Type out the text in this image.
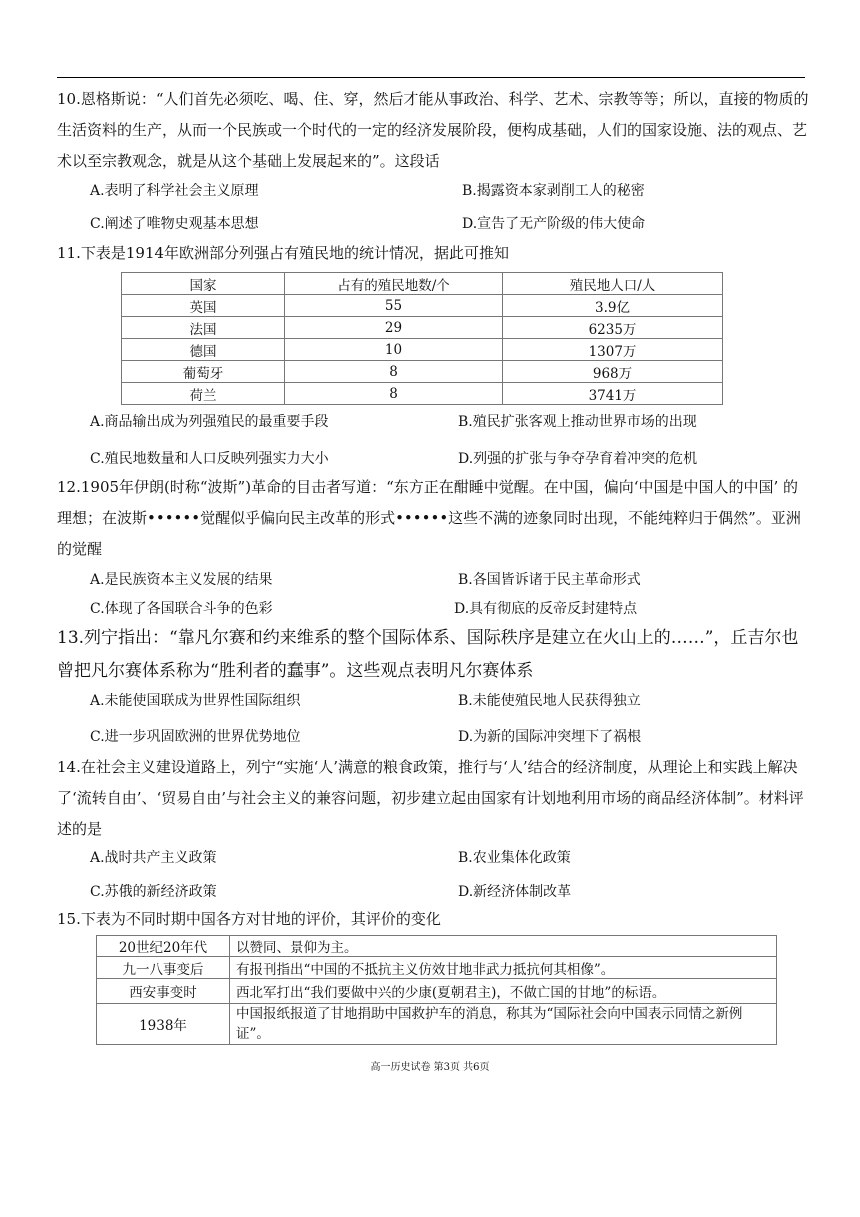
10.恩格斯说：“人们首先必须吃、喝、住、穿，然后才能从事政治、科学、艺术、宗教等等；所以，直接的物质的生活资料的生产，从而一个民族或一个时代的一定的经济发展阶段，便构成基础，人们的国家设施、法的观点、艺术以至宗教观念，就是从这个基础上发展起来的”。这段话

A.表明了科学社会主义原理	B.揭露资本家剥削工人的秘密
C.阐述了唯物史观基本思想	D.宣告了无产阶级的伟大使命

11.下表是1914年欧洲部分列强占有殖民地的统计情况，据此可推知

国家	占有的殖民地数/个	殖民地人口/人
英国	55	3.9亿
法国	29	6235万
德国	10	1307万
葡萄牙	8	968万
荷兰	8	3741万
A.商品输出成为列强殖民的最重要手段	B.殖民扩张客观上推动世界市场的出现
C.殖民地数量和人口反映列强实力大小	D.列强的扩张与争夺孕育着冲突的危机

12.1905年伊朗(时称“波斯”)革命的目击者写道：“东方正在酣睡中觉醒。在中国，偏向‘中国是中国人的中国’ 的理想；在波斯••••••觉醒似乎偏向民主改革的形式••••••这些不满的迹象同时出现，不能纯粹归于偶然”。亚洲的觉醒

A.是民族资本主义发展的结果	B.各国皆诉诸于民主革命形式
C.体现了各国联合斗争的色彩	D.具有彻底的反帝反封建特点

13.列宁指出：“靠凡尔赛和约来维系的整个国际体系、国际秩序是建立在火山上的……”，丘吉尔也曾把凡尔赛体系称为“胜利者的蠢事”。这些观点表明凡尔赛体系

A.未能使国联成为世界性国际组织	B.未能使殖民地人民获得独立
C.进一步巩固欧洲的世界优势地位	D.为新的国际冲突埋下了祸根

14.在社会主义建设道路上，列宁“实施‘人’满意的粮食政策，推行与‘人’结合的经济制度，从理论上和实践上解决了‘流转自由’、‘贸易自由’与社会主义的兼容问题，初步建立起由国家有计划地利用市场的商品经济体制”。材料评述的是

A.战时共产主义政策	B.农业集体化政策
C.苏俄的新经济政策	D.新经济体制改革

15.下表为不同时期中国各方对甘地的评价，其评价的变化

20世纪20年代	以赞同、景仰为主。
九一八事变后	有报刊指出“中国的不抵抗主义仿效甘地非武力抵抗何其相像”。
西安事变时	西北军打出“我们要做中兴的少康(夏朝君主)，不做亡国的甘地”的标语。
1938年	中国报纸报道了甘地捐助中国救护车的消息，称其为“国际社会向中国表示同情之新例证”。
高一历史试卷 第3页 共6页
